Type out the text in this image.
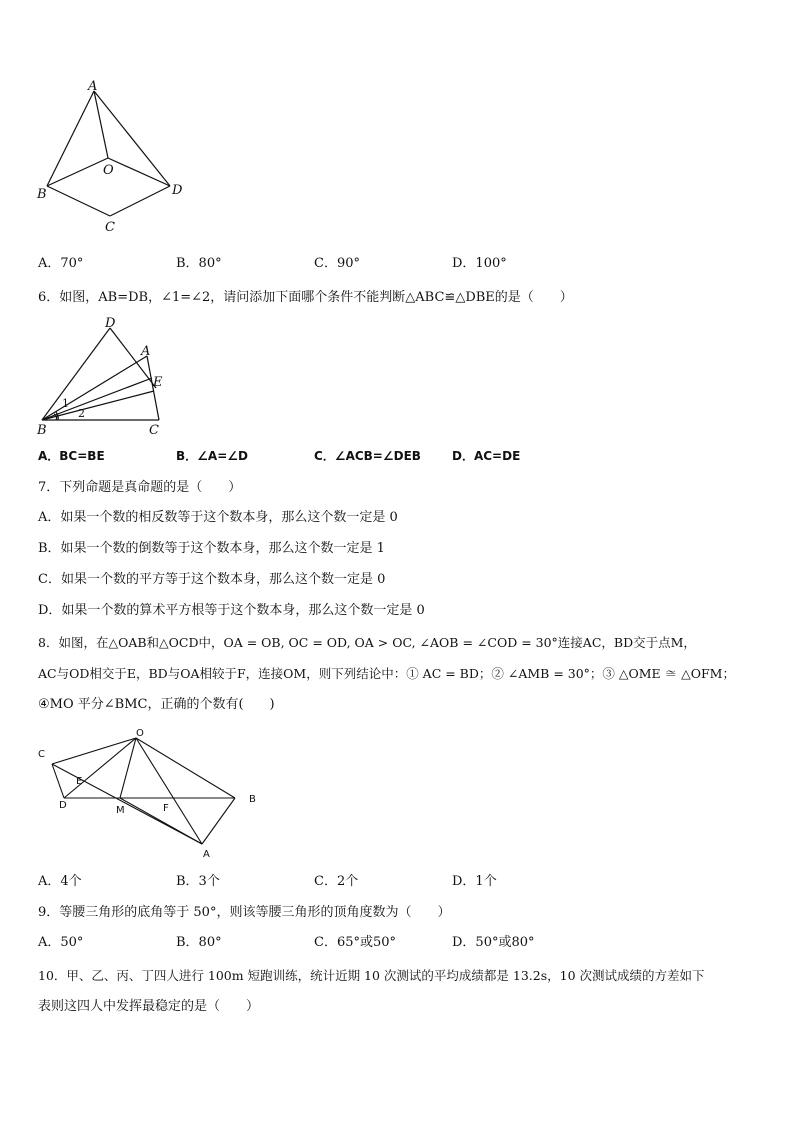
A
O
B	D
C
A．70°	B．80°	C．90°	D．100°
6．如图，AB=DB，∠1=∠2，请问添加下面哪个条件不能判断△ABC≌△DBE的是（　　）
D
A
E
B	C
1
2
A．BC=BE	B．∠A=∠D	C．∠ACB=∠DEB	D．AC=DE
7．下列命题是真命题的是（　　）
A．如果一个数的相反数等于这个数本身，那么这个数一定是 0
B．如果一个数的倒数等于这个数本身，那么这个数一定是 1
C．如果一个数的平方等于这个数本身，那么这个数一定是 0
D．如果一个数的算术平方根等于这个数本身，那么这个数一定是 0
8．如图，在△OAB和△OCD中，OA = OB, OC = OD, OA > OC, ∠AOB = ∠COD = 30°连接AC，BD交于点M，
AC与OD相交于E，BD与OA相较于F，连接OM，则下列结论中：① AC = BD；② ∠AMB = 30°；③ △OME ≅ △OFM；
④MO 平分∠BMC，正确的个数有(　　)
O
C
E
D	M	F
B
A
A．4个	B．3个	C．2个	D．1个
9．等腰三角形的底角等于 50°，则该等腰三角形的顶角度数为（　　）
A．50°	B．80°	C．65°或50°	D．50°或80°
10．甲、乙、丙、丁四人进行 100m 短跑训练，统计近期 10 次测试的平均成绩都是 13.2s，10 次测试成绩的方差如下
表则这四人中发挥最稳定的是（　　）
